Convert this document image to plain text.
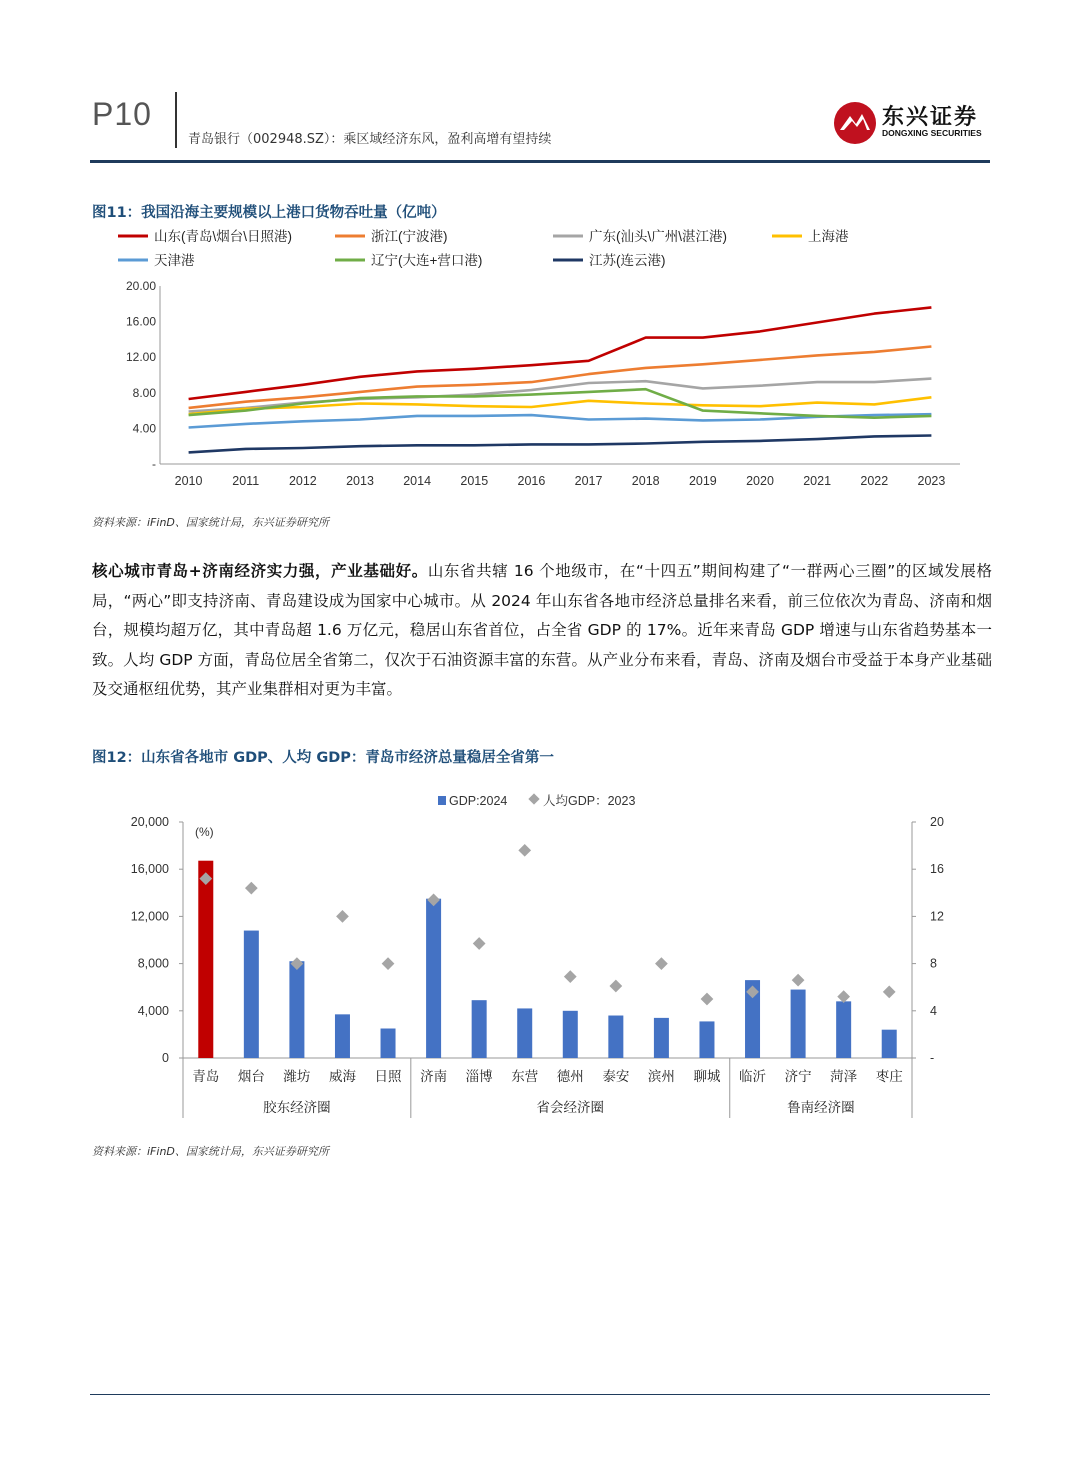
P10
青岛银行（002948.SZ）：乘区域经济东风，盈利高增有望持续
东兴证券
DONGXING SECURITIES
图11：我国沿海主要规模以上港口货物吞吐量（亿吨）
山东(青岛\烟台\日照港)	浙江(宁波港)	广东(汕头\广州\湛江港)	上海港
天津港	辽宁(大连+营口港)	江苏(连云港)
-
4.00
8.00
12.00
16.00
20.00
2010 2011 2012 2013 2014 2015 2016 2017 2018 2019 2020 2021 2022 2023
资料来源：iFinD、国家统计局，东兴证券研究所
核心城市青岛+济南经济实力强，产业基础好。山东省共辖 16 个地级市，在“十四五”期间构建了“一群两心三圈”的区域发展格局，“两心”即支持济南、青岛建设成为国家中心城市。从 2024 年山东省各地市经济总量排名来看，前三位依次为青岛、济南和烟台，规模均超万亿，其中青岛超 1.6 万亿元，稳居山东省首位，占全省 GDP 的 17%。近年来青岛 GDP 增速与山东省趋势基本一致。人均 GDP 方面，青岛位居全省第二，仅次于石油资源丰富的东营。从产业分布来看，青岛、济南及烟台市受益于本身产业基础及交通枢纽优势，其产业集群相对更为丰富。
图12：山东省各地市 GDP、人均 GDP：青岛市经济总量稳居全省第一
GDP:2024	人均GDP：2023
0
4,000
8,000
12,000
16,000
20,000
-
4
8
12
16
20
(%)
青岛 烟台 潍坊 威海 日照 济南 淄博 东营 德州 泰安 滨州 聊城 临沂 济宁 菏泽 枣庄
胶东经济圈	省会经济圈	鲁南经济圈
资料来源：iFinD、国家统计局，东兴证券研究所
